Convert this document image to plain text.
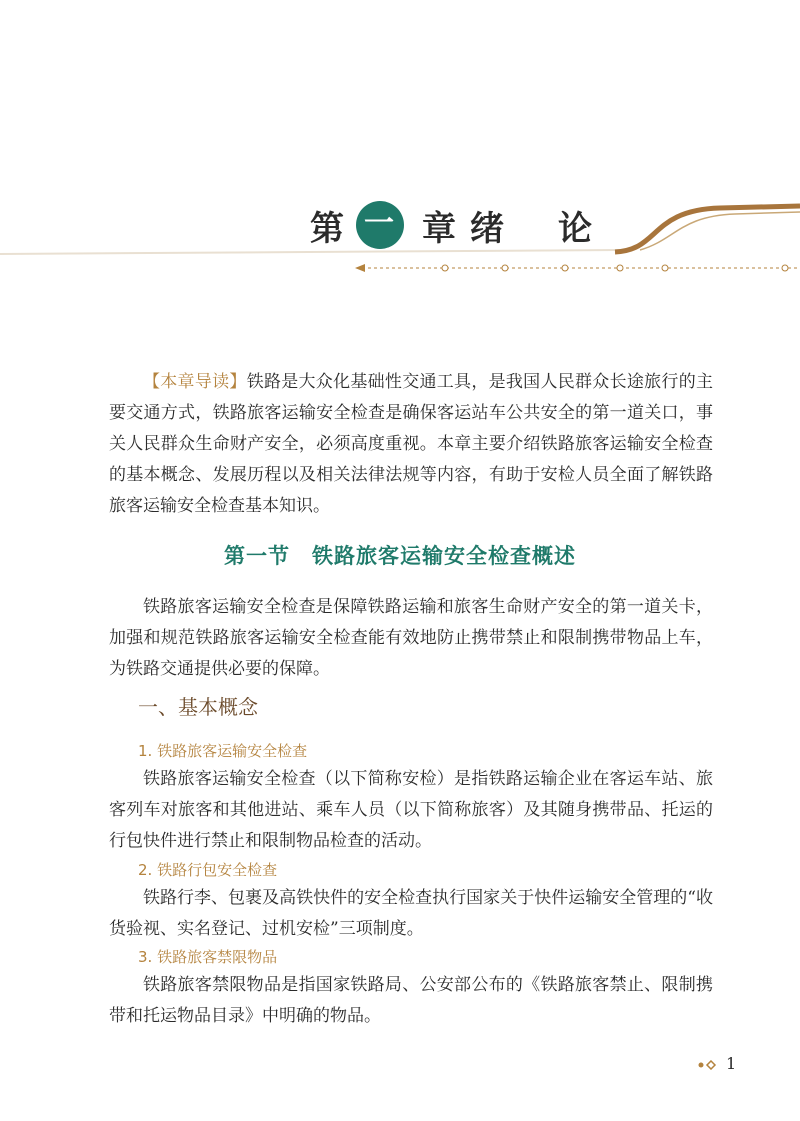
第 一 章 绪 论

【本章导读】铁路是大众化基础性交通工具，是我国人民群众长途旅行的主要交通方式，铁路旅客运输安全检查是确保客运站车公共安全的第一道关口，事关人民群众生命财产安全，必须高度重视。本章主要介绍铁路旅客运输安全检查的基本概念、发展历程以及相关法律法规等内容，有助于安检人员全面了解铁路旅客运输安全检查基本知识。

第一节　铁路旅客运输安全检查概述

铁路旅客运输安全检查是保障铁路运输和旅客生命财产安全的第一道关卡，加强和规范铁路旅客运输安全检查能有效地防止携带禁止和限制携带物品上车，为铁路交通提供必要的保障。

一、基本概念
1. 铁路旅客运输安全检查

铁路旅客运输安全检查（以下简称安检）是指铁路运输企业在客运车站、旅客列车对旅客和其他进站、乘车人员（以下简称旅客）及其随身携带品、托运的行包快件进行禁止和限制物品检查的活动。

2. 铁路行包安全检查

铁路行李、包裹及高铁快件的安全检查执行国家关于快件运输安全管理的“收货验视、实名登记、过机安检”三项制度。

3. 铁路旅客禁限物品

铁路旅客禁限物品是指国家铁路局、公安部公布的《铁路旅客禁止、限制携带和托运物品目录》中明确的物品。

1
